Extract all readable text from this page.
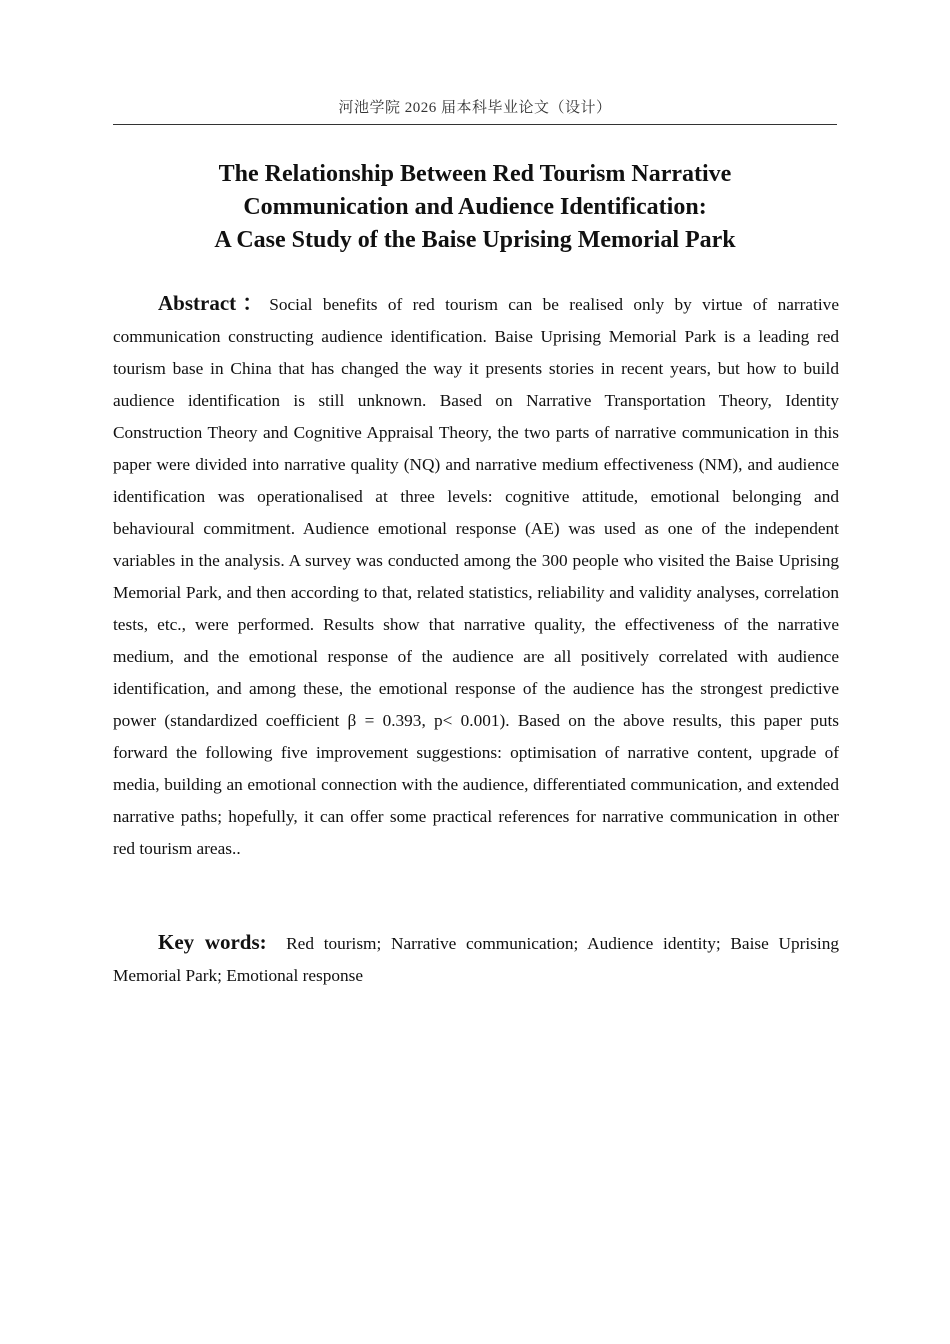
河池学院 2026 届本科毕业论文（设计）
The Relationship Between Red Tourism Narrative
Communication and Audience Identification:
A Case Study of the Baise Uprising Memorial Park

Abstract：Social benefits of red tourism can be realised only by virtue of narrative communication constructing audience identification. Baise Uprising Memorial Park is a leading red tourism base in China that has changed the way it presents stories in recent years, but how to build audience identification is still unknown. Based on Narrative Transportation Theory, Identity Construction Theory and Cognitive Appraisal Theory, the two parts of narrative communication in this paper were divided into narrative quality (NQ) and narrative medium effectiveness (NM), and audience identification was operationalised at three levels: cognitive attitude, emotional belonging and behavioural commitment. Audience emotional response (AE) was used as one of the independent variables in the analysis. A survey was conducted among the 300 people who visited the Baise Uprising Memorial Park, and then according to that, related statistics, reliability and validity analyses, correlation tests, etc., were performed. Results show that narrative quality, the effectiveness of the narrative medium, and the emotional response of the audience are all positively correlated with audience identification, and among these, the emotional response of the audience has the strongest predictive power (standardized coefficient β = 0.393, p< 0.001). Based on the above results, this paper puts forward the following five improvement suggestions: optimisation of narrative content, upgrade of media, building an emotional connection with the audience, differentiated communication, and extended narrative paths; hopefully, it can offer some practical references for narrative communication in other red tourism areas..

Key words: Red tourism; Narrative communication; Audience identity; Baise Uprising Memorial Park; Emotional response
